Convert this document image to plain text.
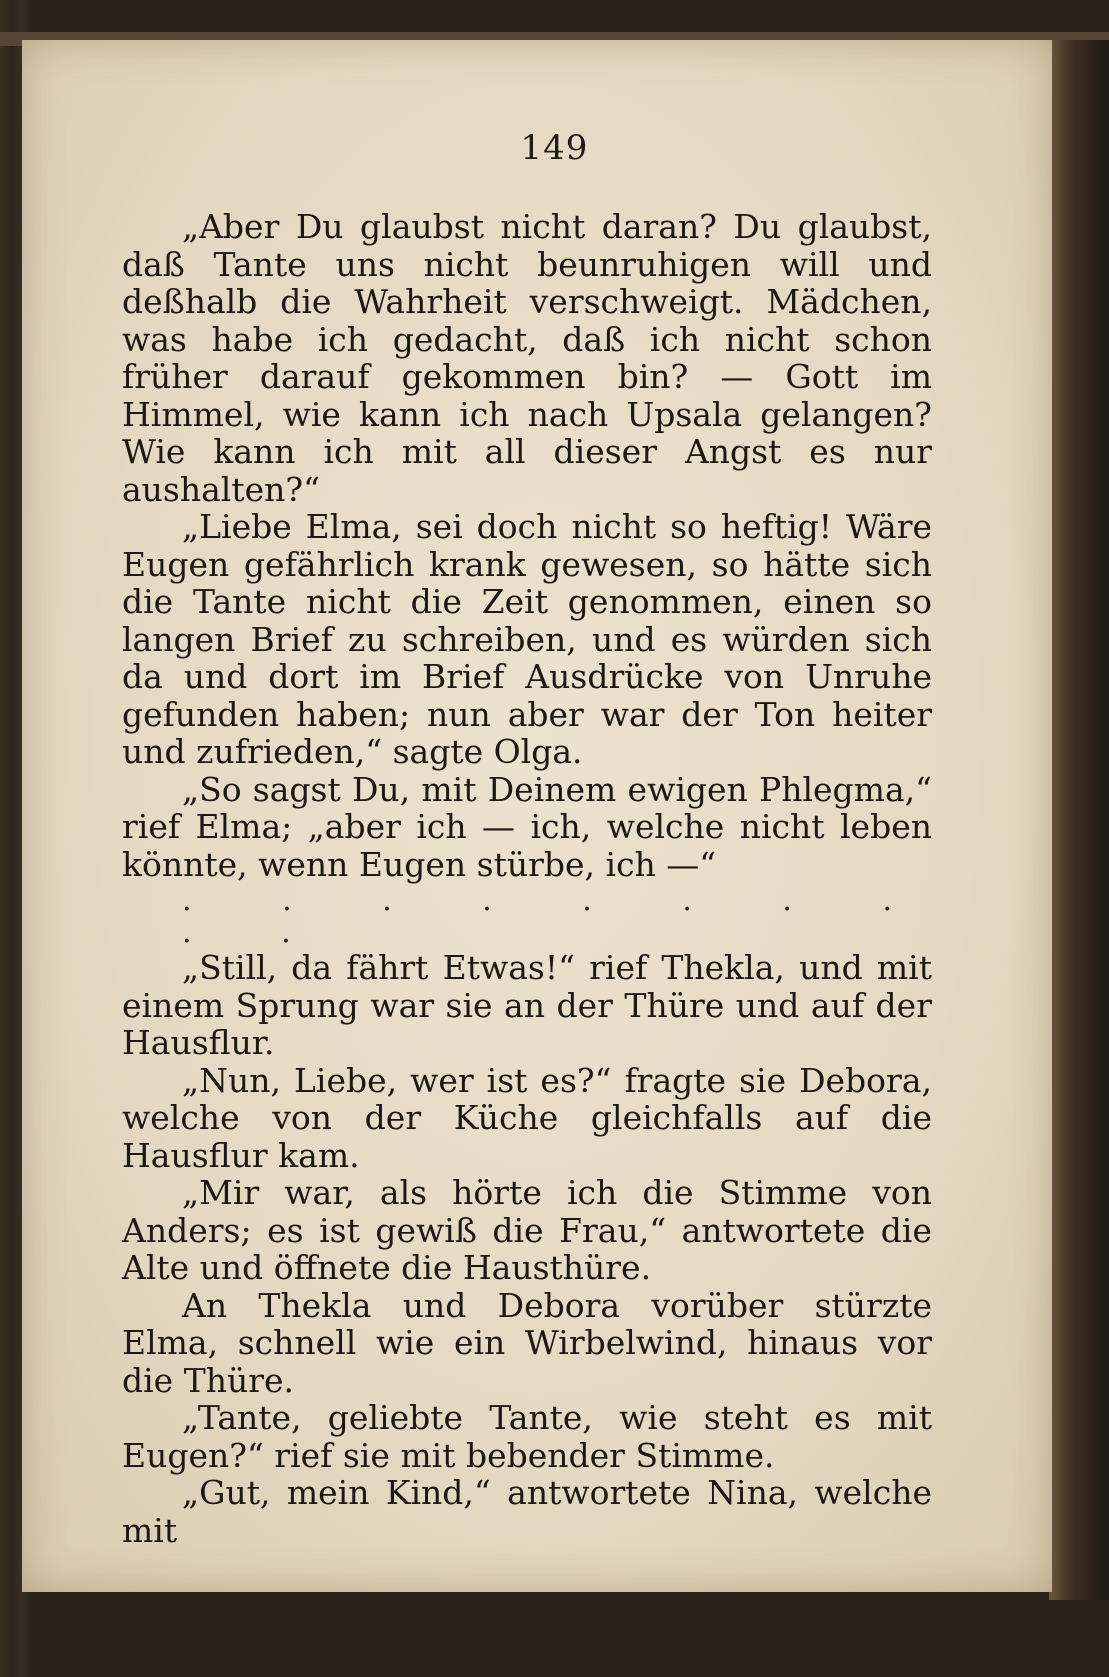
149

„Aber Du glaubst nicht daran? Du glaubst, daß Tante uns nicht beunruhigen will und deßhalb die Wahrheit verschweigt. Mädchen, was habe ich gedacht, daß ich nicht schon früher darauf gekommen bin? — Gott im Himmel, wie kann ich nach Upsala gelangen? Wie kann ich mit all dieser Angst es nur aushalten?“

„Liebe Elma, sei doch nicht so heftig! Wäre Eugen gefährlich krank gewesen, so hätte sich die Tante nicht die Zeit genommen, einen so langen Brief zu schreiben, und es würden sich da und dort im Brief Ausdrücke von Unruhe gefunden haben; nun aber war der Ton heiter und zufrieden,“ sagte Olga.

„So sagst Du, mit Deinem ewigen Phlegma,“ rief Elma; „aber ich — ich, welche nicht leben könnte, wenn Eugen stürbe, ich —“

. . . . . . . . . .

„Still, da fährt Etwas!“ rief Thekla, und mit einem Sprung war sie an der Thüre und auf der Hausflur.

„Nun, Liebe, wer ist es?“ fragte sie Debora, welche von der Küche gleichfalls auf die Hausflur kam.

„Mir war, als hörte ich die Stimme von Anders; es ist gewiß die Frau,“ antwortete die Alte und öffnete die Hausthüre.

An Thekla und Debora vorüber stürzte Elma, schnell wie ein Wirbelwind, hinaus vor die Thüre.

„Tante, geliebte Tante, wie steht es mit Eugen?“ rief sie mit bebender Stimme.

„Gut, mein Kind,“ antwortete Nina, welche mit
